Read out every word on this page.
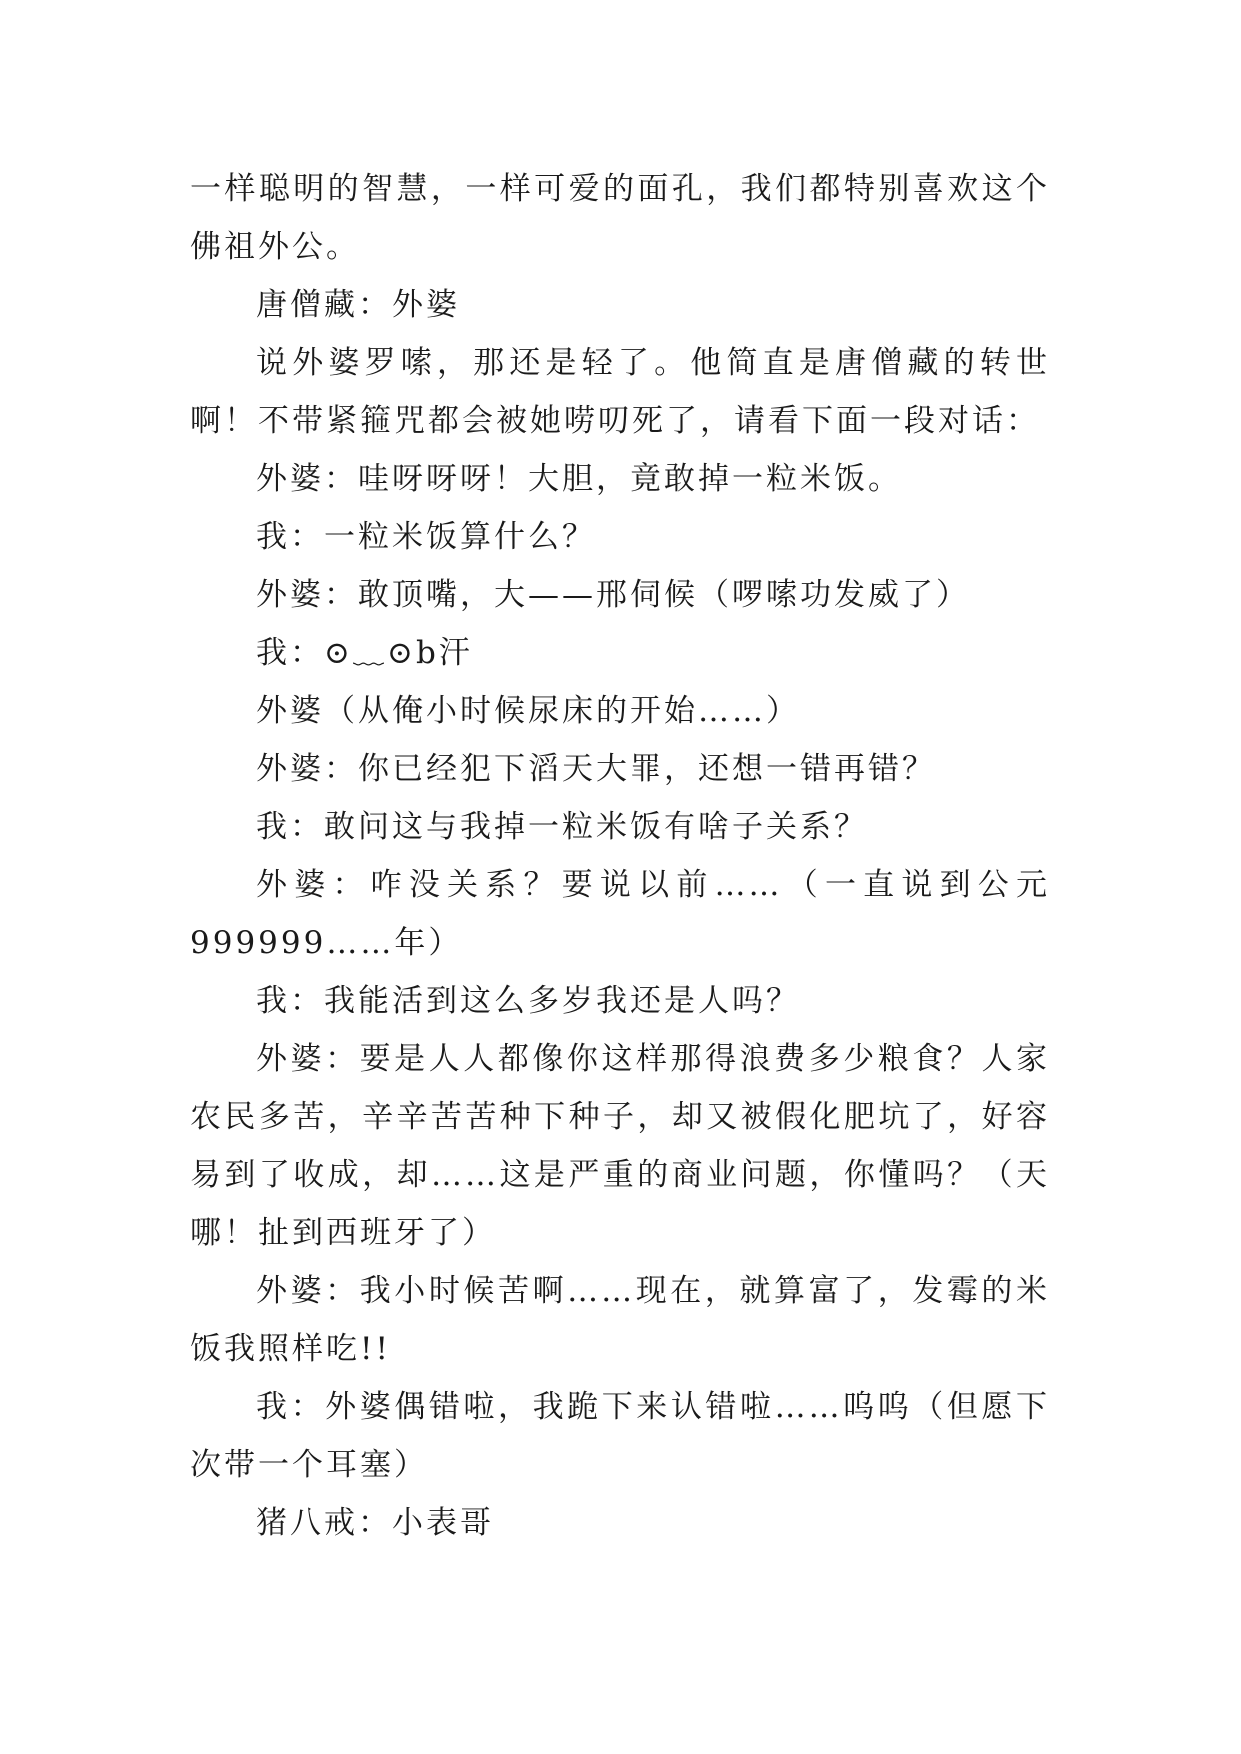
一样聪明的智慧，一样可爱的面孔，我们都特别喜欢这个佛祖外公。

唐僧藏：外婆

说外婆罗嗦，那还是轻了。他简直是唐僧藏的转世啊！不带紧箍咒都会被她唠叨死了，请看下面一段对话：

外婆：哇呀呀呀！大胆，竟敢掉一粒米饭。

我：一粒米饭算什么？

外婆：敢顶嘴，大——邢伺候（啰嗦功发威了）

我：⊙﹏⊙b汗

外婆（从俺小时候尿床的开始……）

外婆：你已经犯下滔天大罪，还想一错再错？

我：敢问这与我掉一粒米饭有啥子关系？

外婆：咋没关系？要说以前……（一直说到公元999999……年）

我：我能活到这么多岁我还是人吗？

外婆：要是人人都像你这样那得浪费多少粮食？人家农民多苦，辛辛苦苦种下种子，却又被假化肥坑了，好容易到了收成，却……这是严重的商业问题，你懂吗？（天哪！扯到西班牙了）

外婆：我小时候苦啊……现在，就算富了，发霉的米饭我照样吃!!

我：外婆偶错啦，我跪下来认错啦……呜呜（但愿下次带一个耳塞）

猪八戒：小表哥
